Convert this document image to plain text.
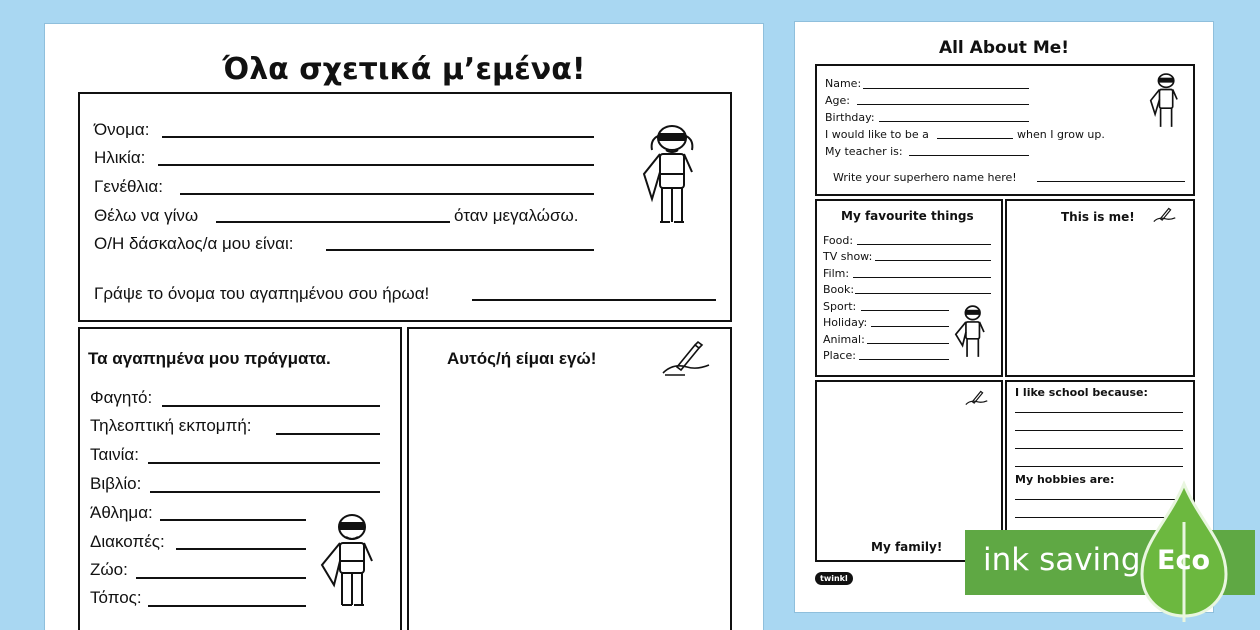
Όλα σχετικά μ’εμένα!
Όνομα:
Ηλικία:
Γενέθλια:
Θέλω να γίνω	όταν μεγαλώσω.
Ο/Η δάσκαλος/α μου είναι:
Γράψε το όνομα του αγαπημένου σου ήρωα!
Τα αγαπημένα μου πράγματα.
Φαγητό:
Τηλεοπτική εκπομπή:
Ταινία:
Βιβλίο:
Άθλημα:
Διακοπές:
Ζώο:
Τόπος:
Αυτός/ή είμαι εγώ!
All About Me!
Name:
Age:
Birthday:
I would like to be a	when I grow up.
My teacher is:
Write your superhero name here!
My favourite things
Food:
TV show:
Film:
Book:
Sport:
Holiday:
Animal:
Place:
This is me!
My family!
I like school because:
My hobbies are:
twinkl
ink saving Eco
